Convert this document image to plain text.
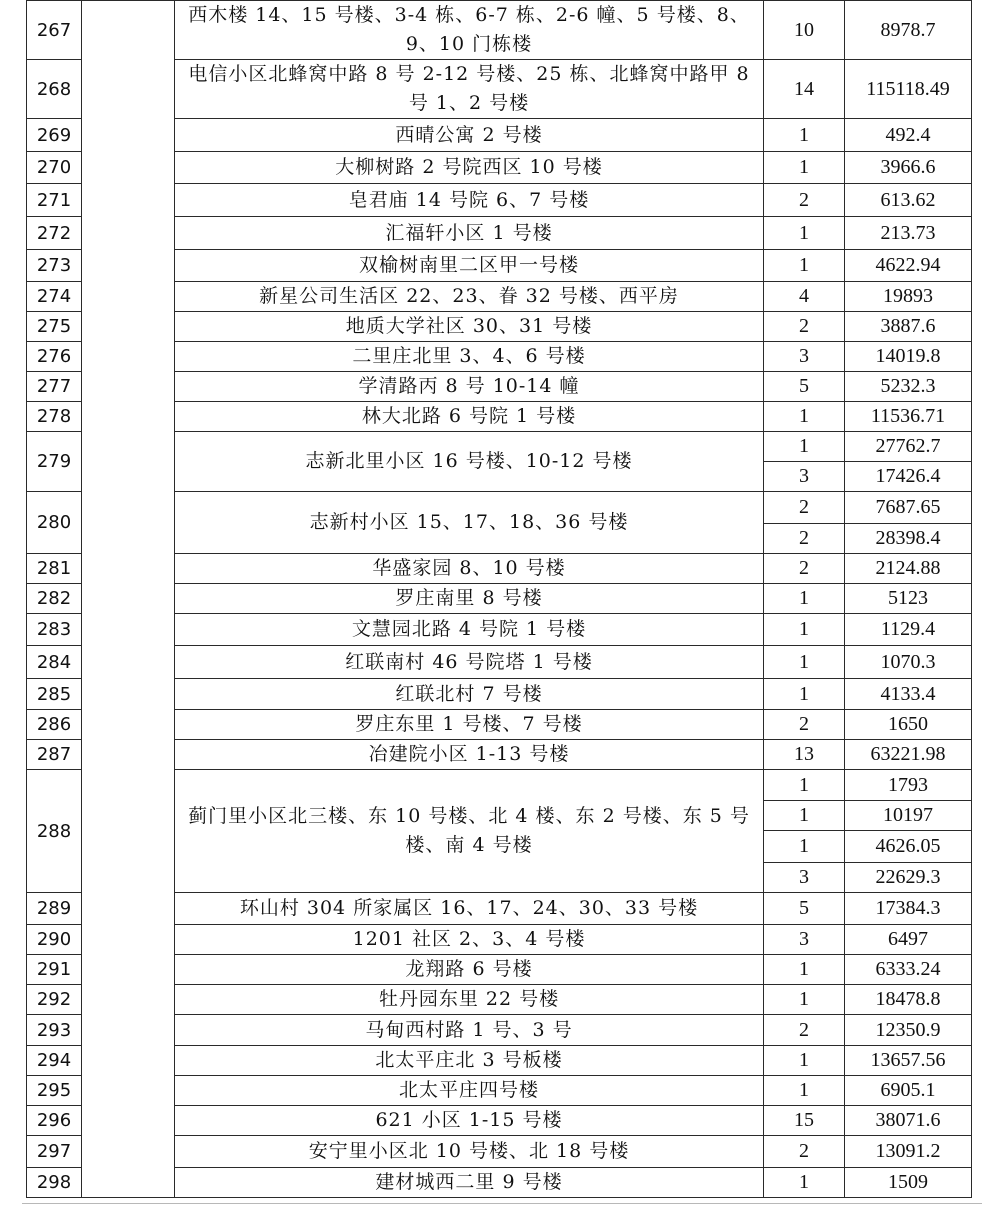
267		西木楼 14、15 号楼、3-4 栋、6-7 栋、2-6 幢、5 号楼、8、9、10 门栋楼	10	8978.7
268		电信小区北蜂窝中路 8 号 2-12 号楼、25 栋、北蜂窝中路甲 8 号 1、2 号楼	14	115118.49
269		西晴公寓 2 号楼	1	492.4
270		大柳树路 2 号院西区 10 号楼	1	3966.6
271		皂君庙 14 号院 6、7 号楼	2	613.62
272		汇福轩小区 1 号楼	1	213.73
273		双榆树南里二区甲一号楼	1	4622.94
274		新星公司生活区 22、23、眷 32 号楼、西平房	4	19893
275		地质大学社区 30、31 号楼	2	3887.6
276		二里庄北里 3、4、6 号楼	3	14019.8
277		学清路丙 8 号 10-14 幢	5	5232.3
278		林大北路 6 号院 1 号楼	1	11536.71
279		志新北里小区 16 号楼、10-12 号楼	1	27762.7
			3	17426.4
280		志新村小区 15、17、18、36 号楼	2	7687.65
			2	28398.4
281		华盛家园 8、10 号楼	2	2124.88
282		罗庄南里 8 号楼	1	5123
283		文慧园北路 4 号院 1 号楼	1	1129.4
284		红联南村 46 号院塔 1 号楼	1	1070.3
285		红联北村 7 号楼	1	4133.4
286		罗庄东里 1 号楼、7 号楼	2	1650
287		冶建院小区 1-13 号楼	13	63221.98
288		蓟门里小区北三楼、东 10 号楼、北 4 楼、东 2 号楼、东 5 号楼、南 4 号楼	1	1793
			1	10197
			1	4626.05
			3	22629.3
289		环山村 304 所家属区 16、17、24、30、33 号楼	5	17384.3
290		1201 社区 2、3、4 号楼	3	6497
291		龙翔路 6 号楼	1	6333.24
292		牡丹园东里 22 号楼	1	18478.8
293		马甸西村路 1 号、3 号	2	12350.9
294		北太平庄北 3 号板楼	1	13657.56
295		北太平庄四号楼	1	6905.1
296		621 小区 1-15 号楼	15	38071.6
297		安宁里小区北 10 号楼、北 18 号楼	2	13091.2
298		建材城西二里 9 号楼	1	1509
